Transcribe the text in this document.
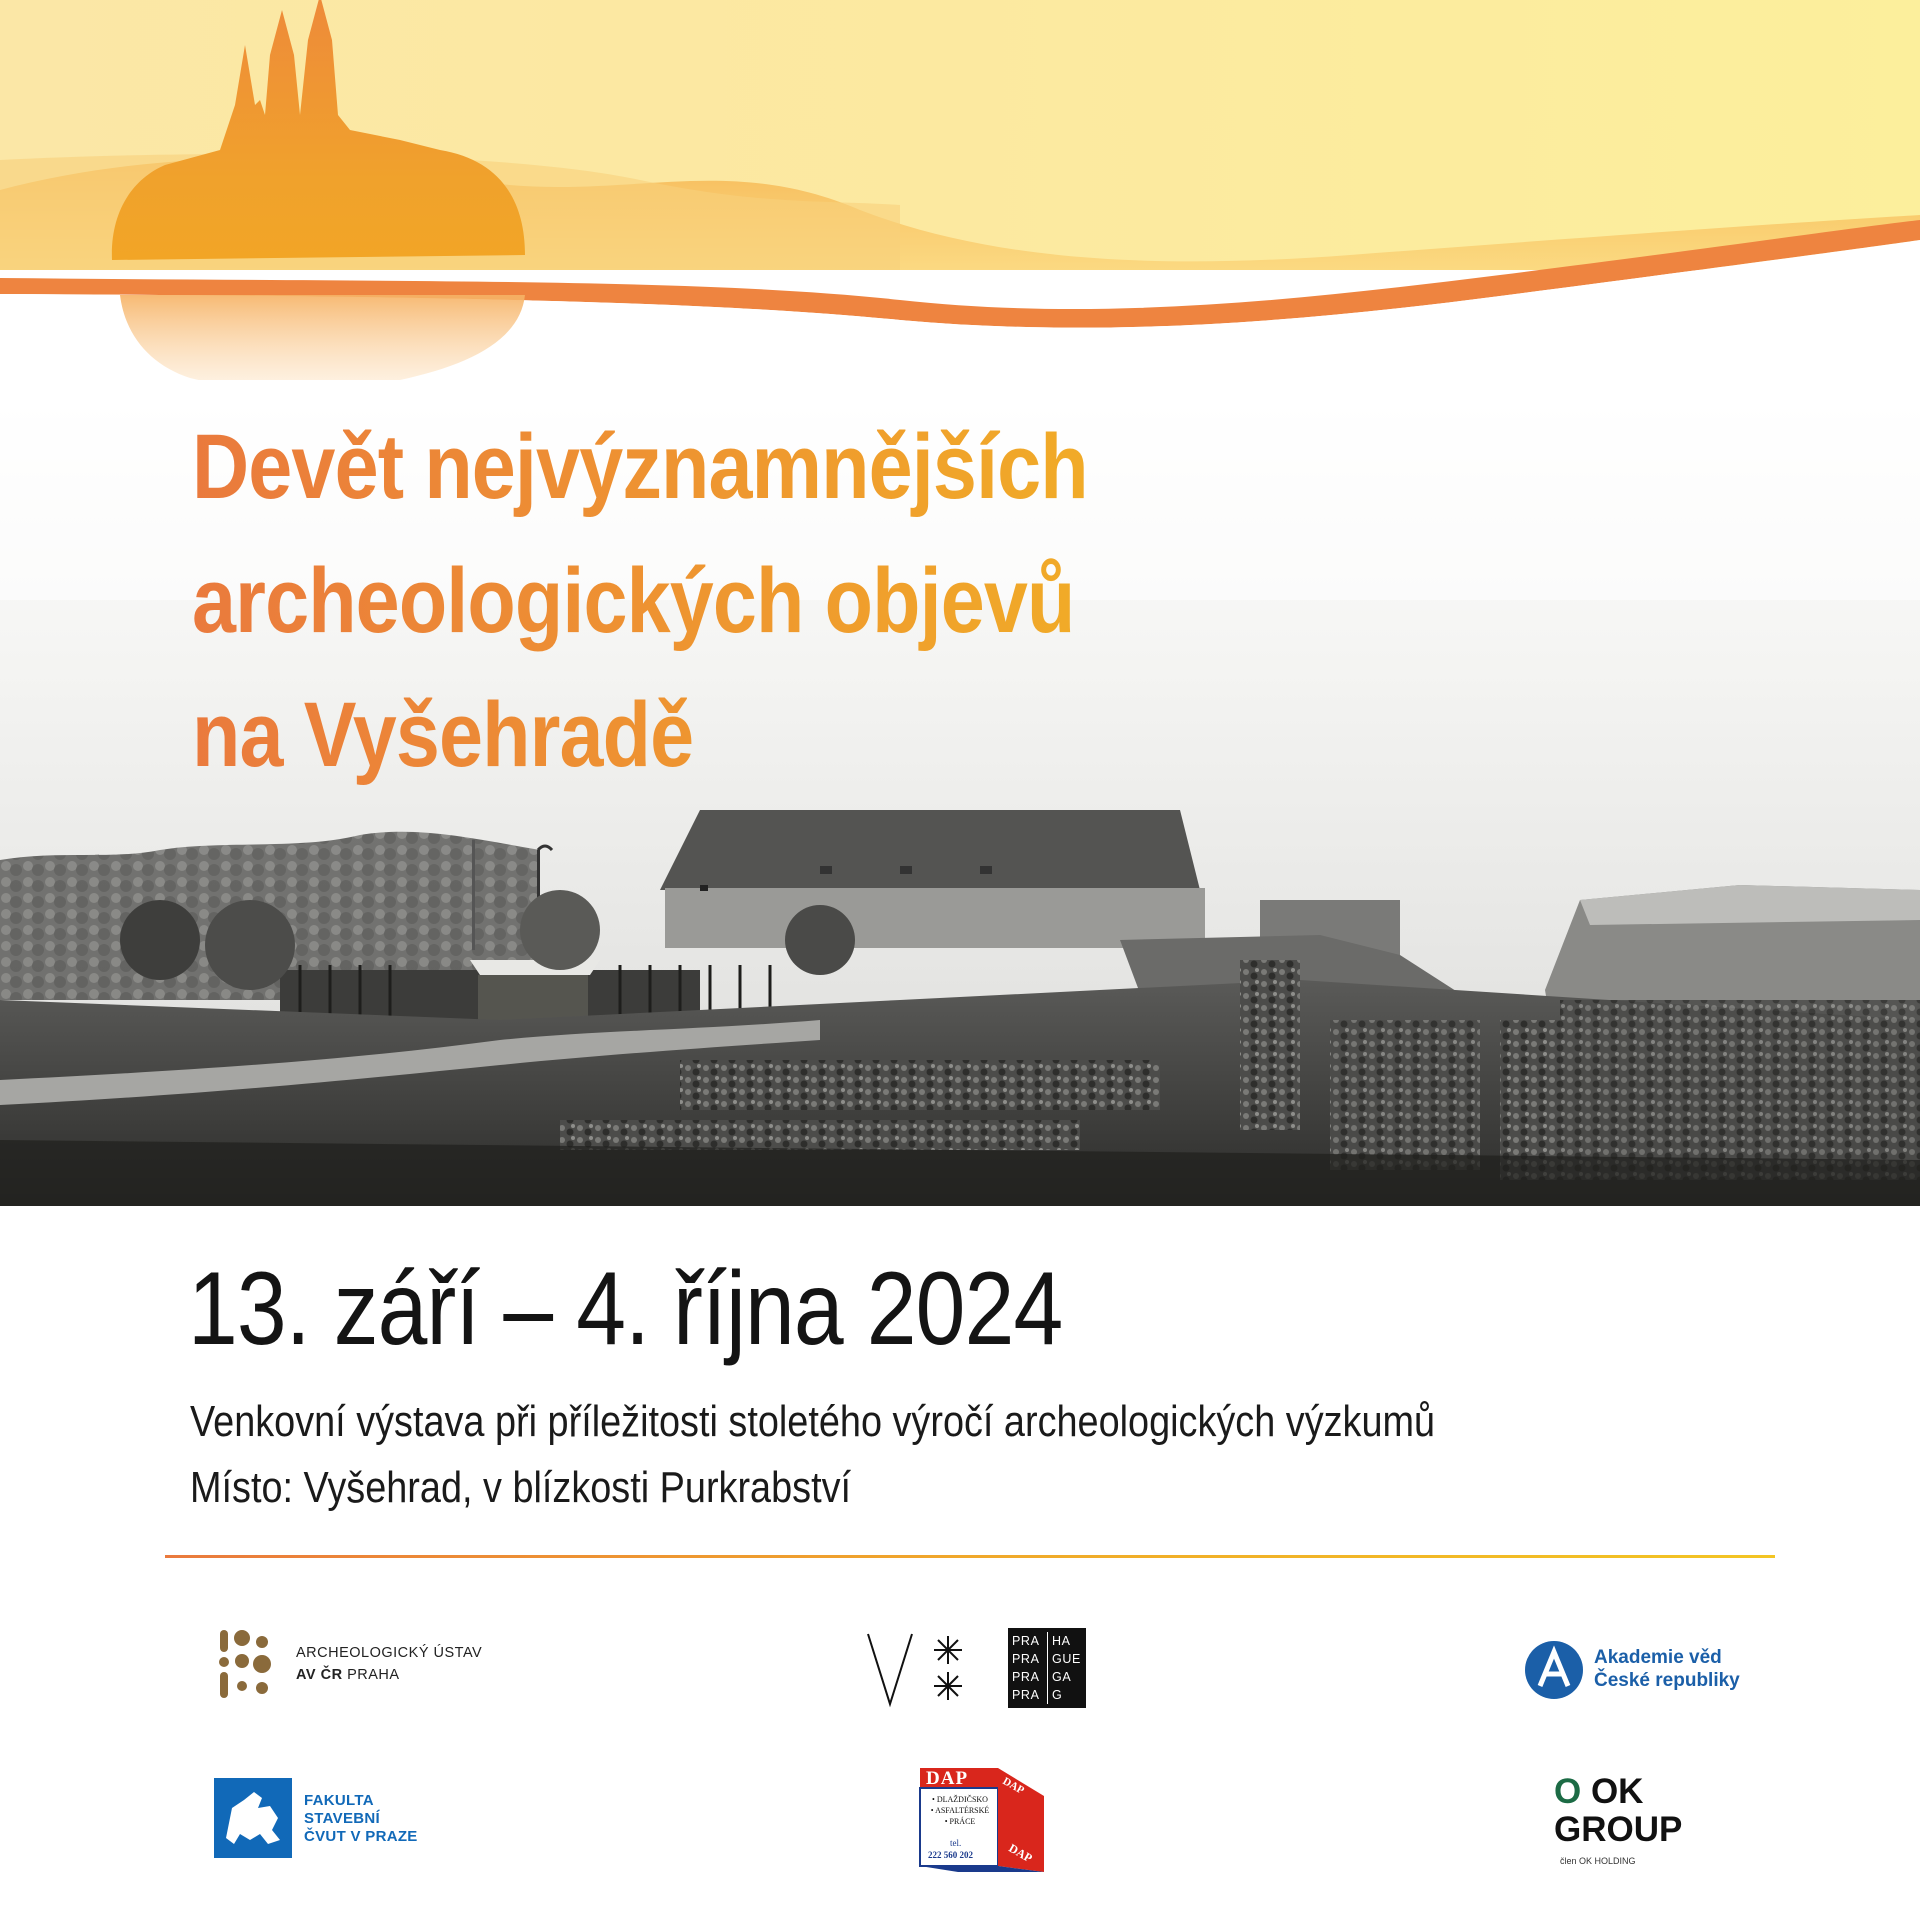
Devět nejvýznamnějších
archeologických objevů
na Vyšehradě
13. září – 4. října 2024
Venkovní výstava při příležitosti stoletého výročí archeologických výzkumů
Místo: Vyšehrad, v blízkosti Purkrabství
ARCHEOLOGICKÝ ÚSTAV
AV ČR PRAHA
PRA
PRA
PRA
PRA
HA
GUE
GA
G
Akademie věd
České republiky
FAKULTA
STAVEBNÍ
ČVUT V PRAZE
DAP	DAP
DAP
• DLAŽDIČSKO
• ASFALTÉRSKÉ
• PRÁCE
tel.
222 560 202
O OK
GROUP
člen OK HOLDING
